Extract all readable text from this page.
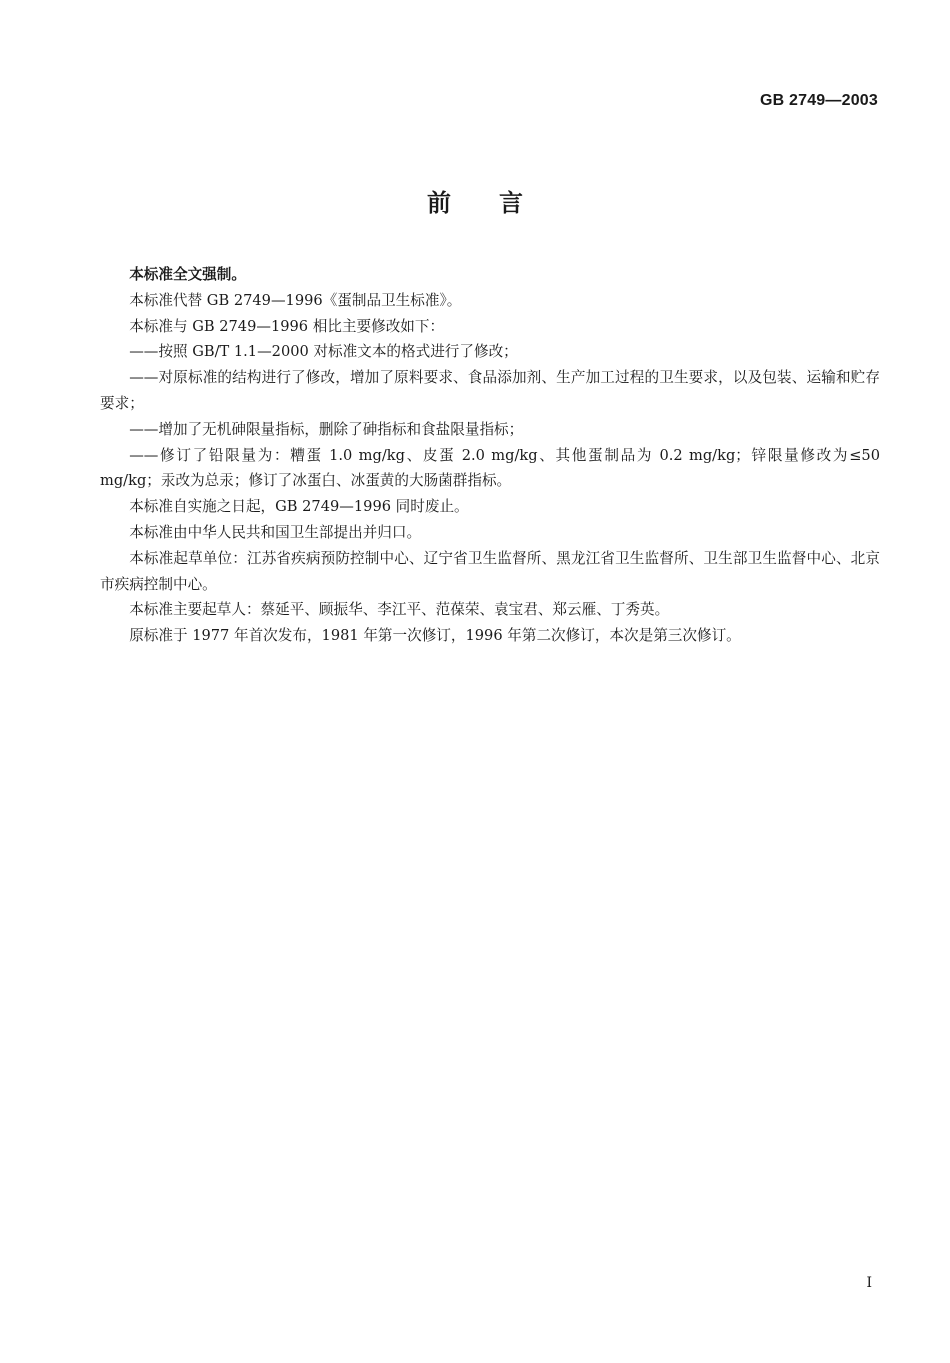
GB 2749—2003
前言

本标准全文强制。

本标准代替 GB 2749—1996《蛋制品卫生标准》。

本标准与 GB 2749—1996 相比主要修改如下：

——按照 GB/T 1.1—2000 对标准文本的格式进行了修改；

——对原标准的结构进行了修改，增加了原料要求、食品添加剂、生产加工过程的卫生要求，以及包装、运输和贮存要求；

——增加了无机砷限量指标，删除了砷指标和食盐限量指标；

——修订了铅限量为：糟蛋 1.0 mg/kg、皮蛋 2.0 mg/kg、其他蛋制品为 0.2 mg/kg；锌限量修改为≤50 mg/kg；汞改为总汞；修订了冰蛋白、冰蛋黄的大肠菌群指标。

本标准自实施之日起，GB 2749—1996 同时废止。

本标准由中华人民共和国卫生部提出并归口。

本标准起草单位：江苏省疾病预防控制中心、辽宁省卫生监督所、黑龙江省卫生监督所、卫生部卫生监督中心、北京市疾病控制中心。

本标准主要起草人：蔡延平、顾振华、李江平、范葆荣、袁宝君、郑云雁、丁秀英。

原标准于 1977 年首次发布，1981 年第一次修订，1996 年第二次修订，本次是第三次修订。

I
